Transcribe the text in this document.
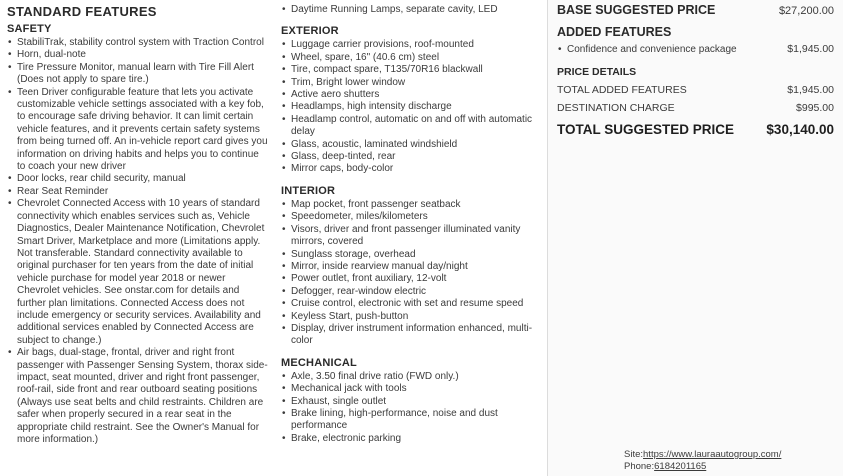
STANDARD FEATURES
SAFETY
• StabiliTrak, stability control system with Traction Control
• Horn, dual-note
• Tire Pressure Monitor, manual learn with Tire Fill Alert (Does not apply to spare tire.)
• Teen Driver configurable feature that lets you activate customizable vehicle settings associated with a key fob, to encourage safe driving behavior. It can limit certain vehicle features, and it prevents certain safety systems from being turned off. An in-vehicle report card gives you information on driving habits and helps you to continue to coach your new driver
• Door locks, rear child security, manual
• Rear Seat Reminder
• Chevrolet Connected Access with 10 years of standard connectivity which enables services such as, Vehicle Diagnostics, Dealer Maintenance Notification, Chevrolet Smart Driver, Marketplace and more (Limitations apply. Not transferable. Standard connectivity available to original purchaser for ten years from the date of initial vehicle purchase for model year 2018 or newer Chevrolet vehicles. See onstar.com for details and further plan limitations. Connected Access does not include emergency or security services. Availability and additional services enabled by Connected Access are subject to change.)
• Air bags, dual-stage, frontal, driver and right front passenger with Passenger Sensing System, thorax side-impact, seat mounted, driver and right front passenger, roof-rail, side front and rear outboard seating positions (Always use seat belts and child restraints. Children are safer when properly secured in a rear seat in the appropriate child restraint. See the Owner's Manual for more information.)
• Daytime Running Lamps, separate cavity, LED
EXTERIOR
• Luggage carrier provisions, roof-mounted
• Wheel, spare, 16" (40.6 cm) steel
• Tire, compact spare, T135/70R16 blackwall
• Trim, Bright lower window
• Active aero shutters
• Headlamps, high intensity discharge
• Headlamp control, automatic on and off with automatic delay
• Glass, acoustic, laminated windshield
• Glass, deep-tinted, rear
• Mirror caps, body-color
INTERIOR
• Map pocket, front passenger seatback
• Speedometer, miles/kilometers
• Visors, driver and front passenger illuminated vanity mirrors, covered
• Sunglass storage, overhead
• Mirror, inside rearview manual day/night
• Power outlet, front auxiliary, 12-volt
• Defogger, rear-window electric
• Cruise control, electronic with set and resume speed
• Keyless Start, push-button
• Display, driver instrument information enhanced, multi-color
MECHANICAL
• Axle, 3.50 final drive ratio (FWD only.)
• Mechanical jack with tools
• Exhaust, single outlet
• Brake lining, high-performance, noise and dust performance
• Brake, electronic parking
BASE SUGGESTED PRICE	$27,200.00
ADDED FEATURES
• Confidence and convenience package	$1,945.00
PRICE DETAILS
TOTAL ADDED FEATURES	$1,945.00
DESTINATION CHARGE	$995.00
TOTAL SUGGESTED PRICE $30,140.00
Site:https://www.lauraautogroup.com/
Phone:6184201165
